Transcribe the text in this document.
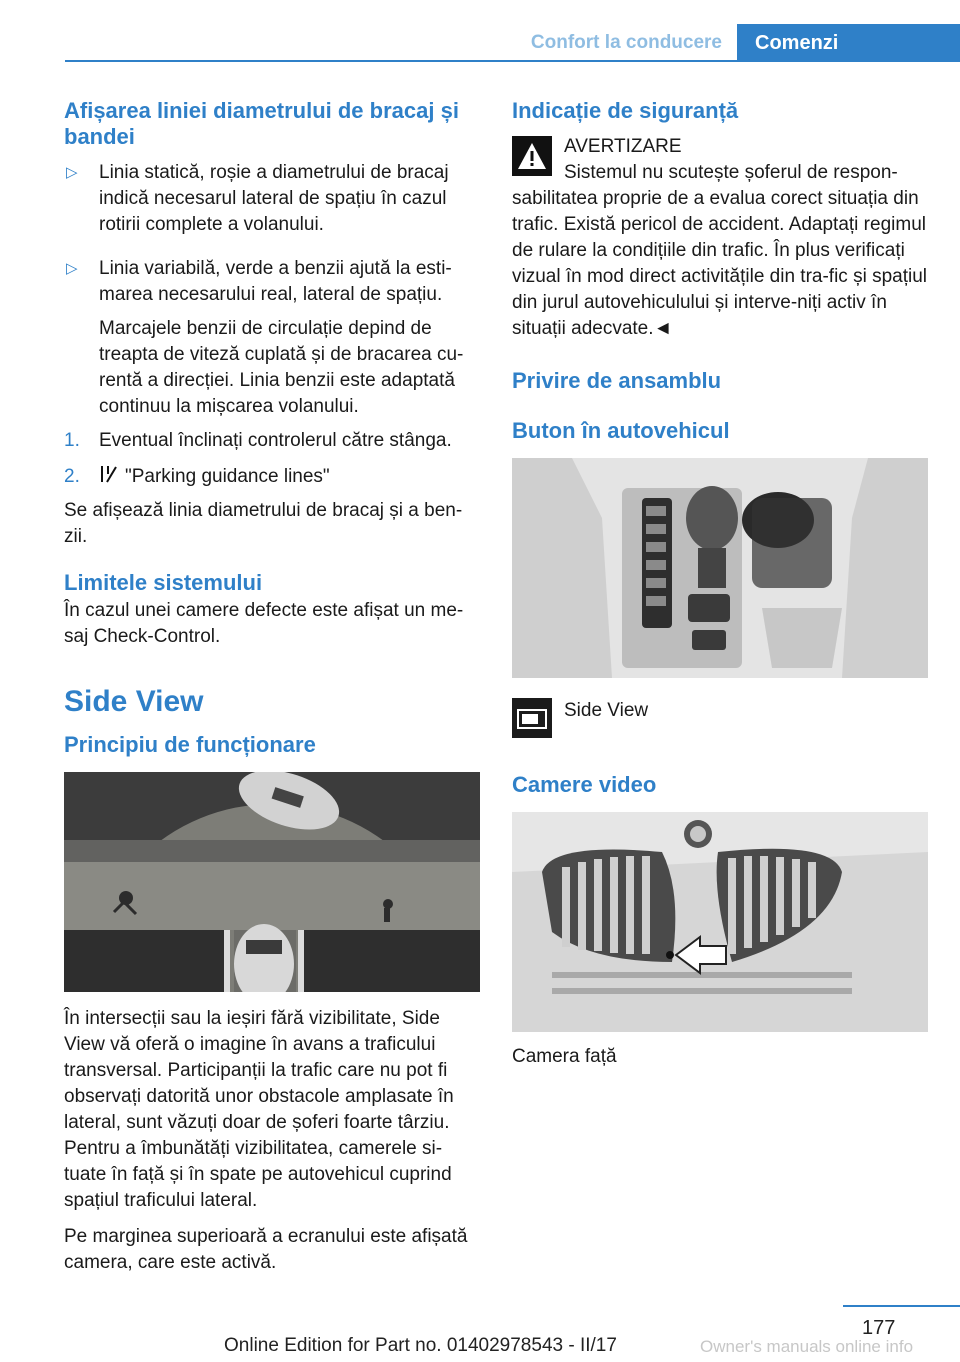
Confort la conducere	Comenzi
Afișarea liniei diametrului de bracaj și bandei
▷ Linia statică, roșie a diametrului de bracaj indică necesarul lateral de spațiu în cazul rotirii complete a volanului.
▷ Linia variabilă, verde a benzii ajută la esti-marea necesarului real, lateral de spațiu.
Marcajele benzii de circulație depind de treapta de viteză cuplată și de bracarea cu-rentă a direcției. Linia benzii este adaptată continuu la mișcarea volanului.
1. Eventual înclinați controlerul către stânga.
2. "Parking guidance lines"
Se afișează linia diametrului de bracaj și a ben-zii.
Limitele sistemului
În cazul unei camere defecte este afișat un me-saj Check-Control.
Side View
Principiu de funcționare
În intersecții sau la ieșiri fără vizibilitate, Side View vă oferă o imagine în avans a traficului transversal. Participanții la trafic care nu pot fi observați datorită unor obstacole amplasate în lateral, sunt văzuți doar de șoferi foarte târziu. Pentru a îmbunătăți vizibilitatea, camerele si-tuate în față și în spate pe autovehicul cuprind spațiul traficului lateral.
Pe marginea superioară a ecranului este afișată camera, care este activă.
Indicație de siguranță
AVERTIZARE
Sistemul nu scutește șoferul de respon-
sabilitatea proprie de a evalua corect situația din trafic. Există pericol de accident. Adaptați regimul de rulare la condițiile din trafic. În plus verificați vizual în mod direct activitățile din tra-fic și spațiul din jurul autovehiculului și interve-niți activ în situații adecvate.◄
Privire de ansamblu
Buton în autovehicul
Side View
Camere video
Camera față
177
Online Edition for Part no. 01402978543 - II/17	Owner's manuals online info
